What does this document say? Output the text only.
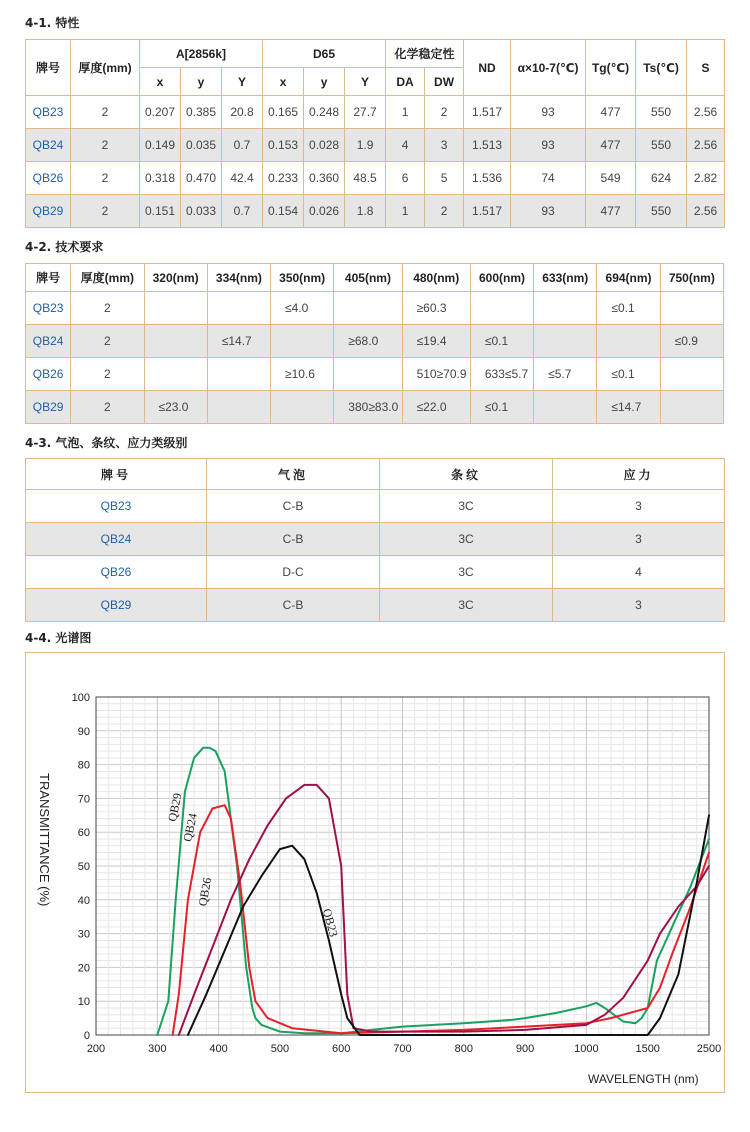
4-1. 特性
牌号	厚度(mm)	A[2856k]			D65			化学稳定性		ND	α×10-7(℃)	Tg(℃)	Ts(℃)	S
		x	y	Y	x	y	Y	DA	DW					
QB23	2	0.207	0.385	20.8	0.165	0.248	27.7	1	2	1.517	93	477	550	2.56
QB24	2	0.149	0.035	0.7	0.153	0.028	1.9	4	3	1.513	93	477	550	2.56
QB26	2	0.318	0.470	42.4	0.233	0.360	48.5	6	5	1.536	74	549	624	2.82
QB29	2	0.151	0.033	0.7	0.154	0.026	1.8	1	2	1.517	93	477	550	2.56
4-2. 技术要求
牌号	厚度(mm)	320(nm)	334(nm)	350(nm)	405(nm)	480(nm)	600(nm)	633(nm)	694(nm)	750(nm)
QB23	2			≤4.0		≥60.3			≤0.1	
QB24	2		≤14.7		≥68.0	≤19.4	≤0.1			≤0.9
QB26	2			≥10.6		510≥70.9	633≤5.7	≤5.7	≤0.1	
QB29	2	≤23.0			380≥83.0	≤22.0	≤0.1		≤14.7	
4-3. 气泡、条纹、应力类级别
牌号	气泡	条纹	应力
QB23	C-B	3C	3
QB24	C-B	3C	3
QB26	D-C	3C	4
QB29	C-B	3C	3
4-4. 光谱图
0
10
20
30
40
50
60
70
80
90
100
200	300	400	500	600	700	800	900	1000	1500	2500
QB29
QB24
QB26
QB23
TRANSMITTANCE (%)
WAVELENGTH (nm)
